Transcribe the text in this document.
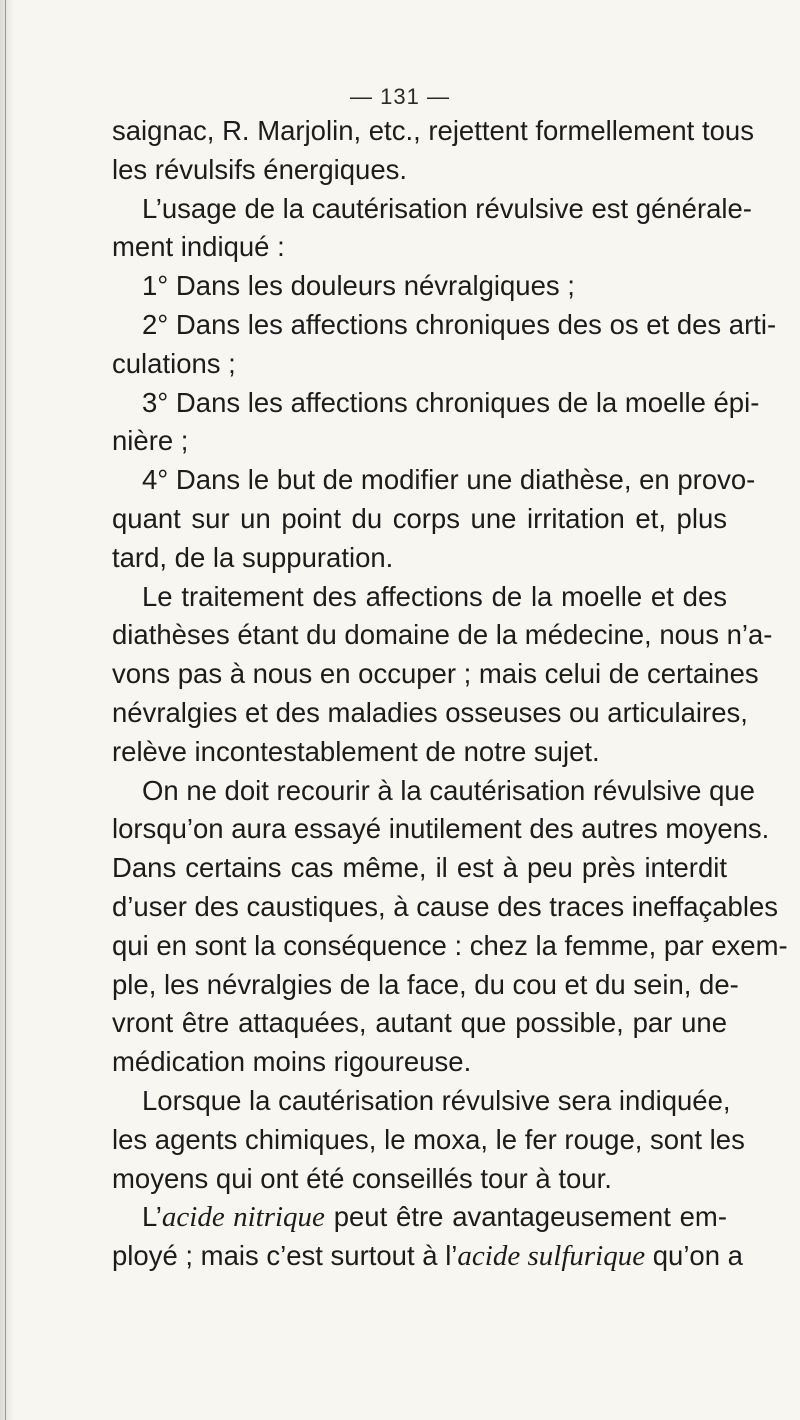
— 131 —
saignac, R. Marjolin, etc., rejettent formellement tous
les révulsifs énergiques.
L’usage de la cautérisation révulsive est générale-
ment indiqué :
1° Dans les douleurs névralgiques ;
2° Dans les affections chroniques des os et des arti-
culations ;
3° Dans les affections chroniques de la moelle épi-
nière ;
4° Dans le but de modifier une diathèse, en provo-
quant sur un point du corps une irritation et, plus
tard, de la suppuration.
Le traitement des affections de la moelle et des
diathèses étant du domaine de la médecine, nous n’a-
vons pas à nous en occuper ; mais celui de certaines
névralgies et des maladies osseuses ou articulaires,
relève incontestablement de notre sujet.
On ne doit recourir à la cautérisation révulsive que
lorsqu’on aura essayé inutilement des autres moyens.
Dans certains cas même, il est à peu près interdit
d’user des caustiques, à cause des traces ineffaçables
qui en sont la conséquence : chez la femme, par exem-
ple, les névralgies de la face, du cou et du sein, de-
vront être attaquées, autant que possible, par une
médication moins rigoureuse.
Lorsque la cautérisation révulsive sera indiquée,
les agents chimiques, le moxa, le fer rouge, sont les
moyens qui ont été conseillés tour à tour.
L’acide nitrique peut être avantageusement em-
ployé ; mais c’est surtout à l’acide sulfurique qu’on a
